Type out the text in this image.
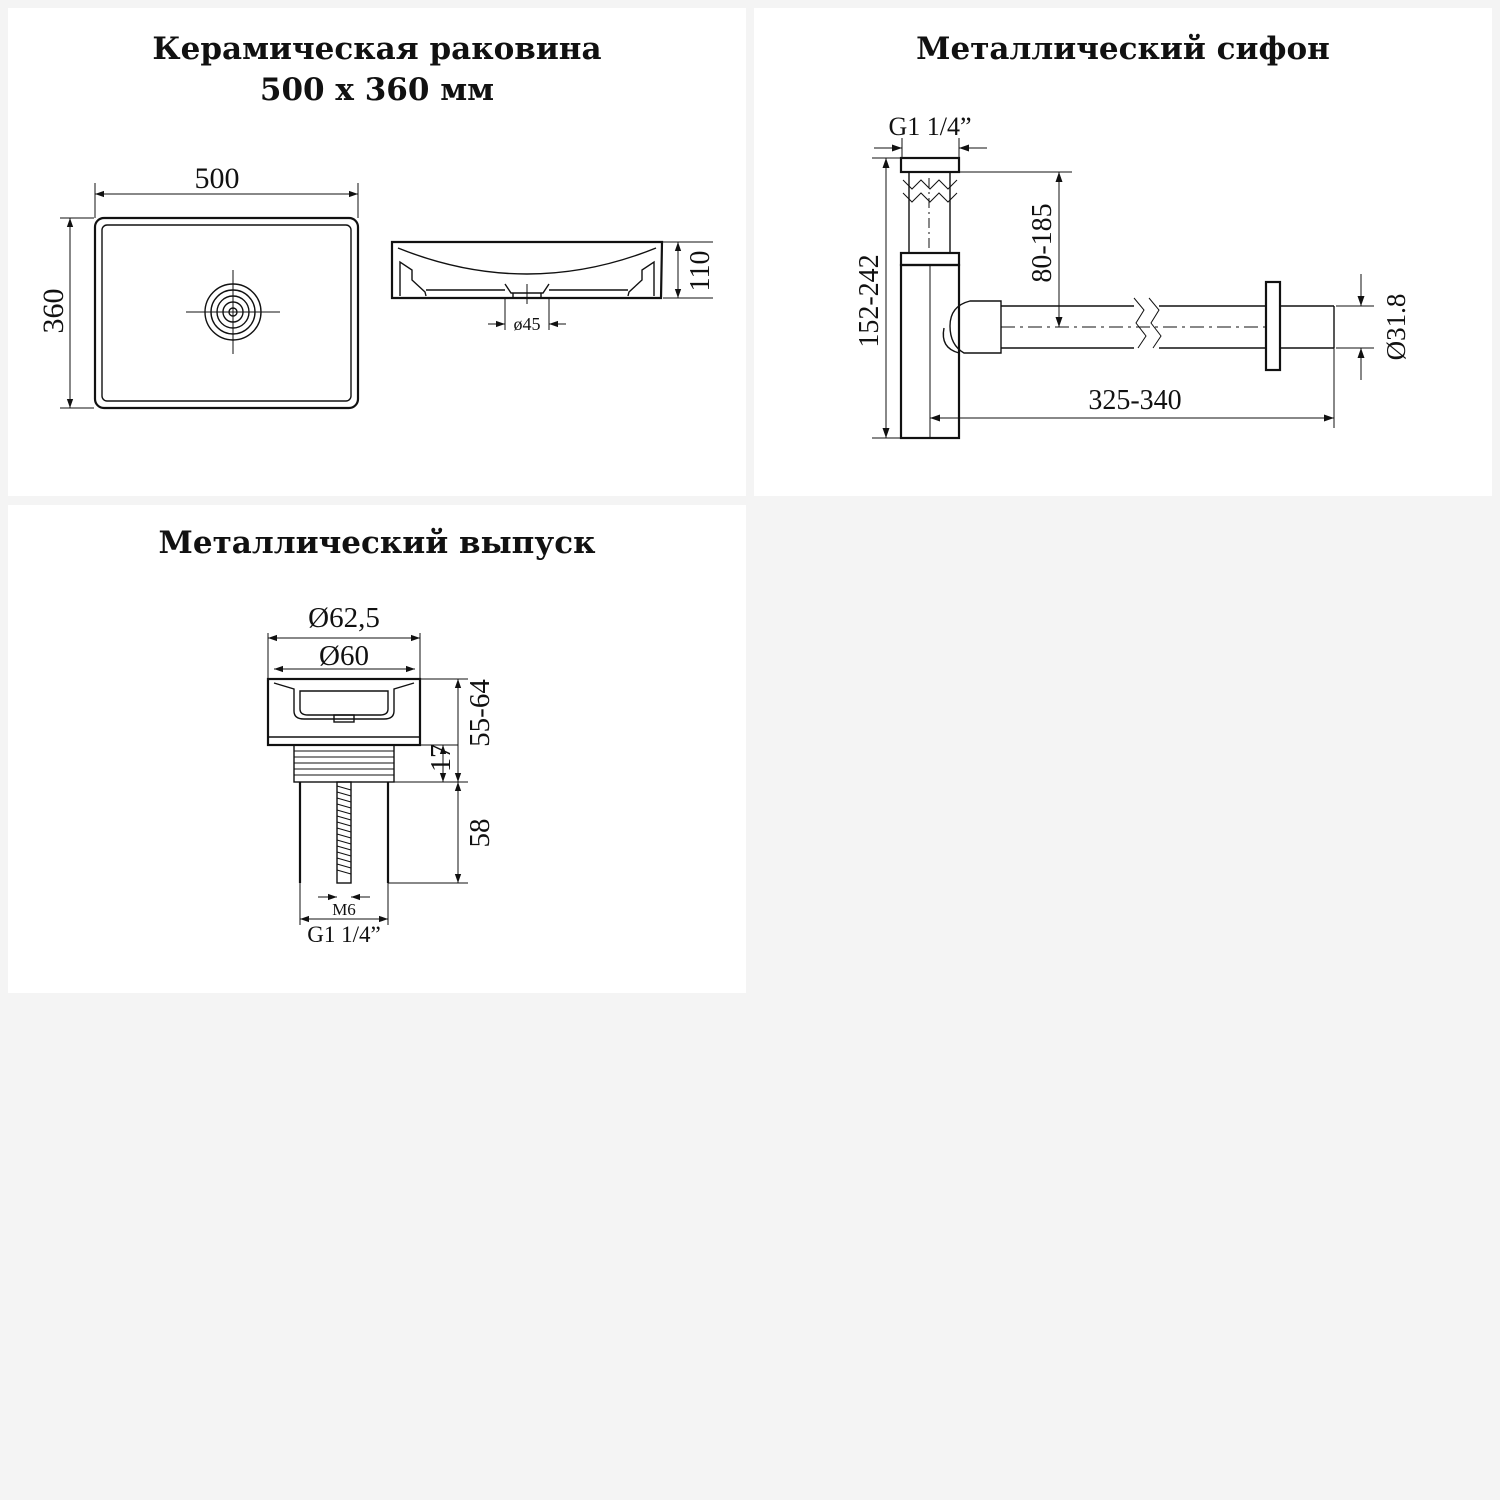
Керамическая раковина
500 х 360 мм
500
360
110
ø45
Металлический сифон
G1 1/4”
152-242
80-185
325-340
Ø31.8
Металлический выпуск
Ø62,5
Ø60
55-64
17
58
M6
G1 1/4”
